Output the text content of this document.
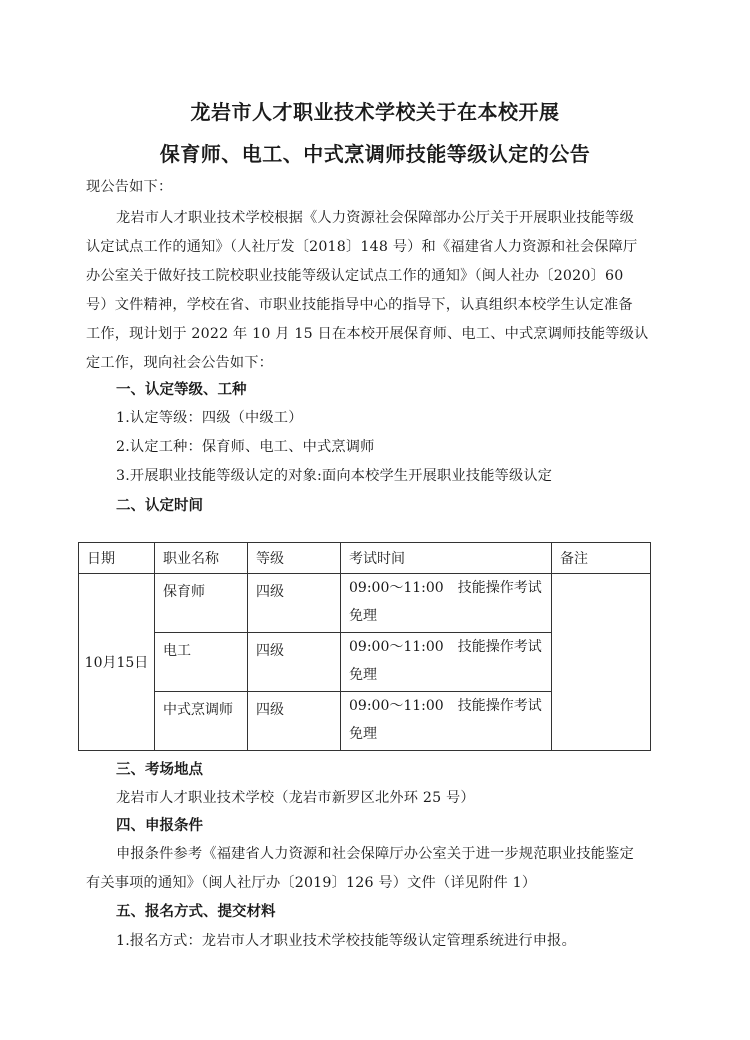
龙岩市人才职业技术学校关于在本校开展
保育师、电工、中式烹调师技能等级认定的公告
现公告如下：
龙岩市人才职业技术学校根据《人力资源社会保障部办公厅关于开展职业技能等级
认定试点工作的通知》（人社厅发〔2018〕148 号）和《福建省人力资源和社会保障厅
办公室关于做好技工院校职业技能等级认定试点工作的通知》（闽人社办〔2020〕60
号）文件精神，学校在省、市职业技能指导中心的指导下，认真组织本校学生认定准备
工作，现计划于 2022 年 10 月 15 日在本校开展保育师、电工、中式烹调师技能等级认
定工作，现向社会公告如下：
一、认定等级、工种
1.认定等级：四级（中级工）
2.认定工种：保育师、电工、中式烹调师
3.开展职业技能等级认定的对象:面向本校学生开展职业技能等级认定
二、认定时间
日期	职业名称	等级	考试时间	备注
10月15日	保育师	四级	09:00～11:00　技能操作考试
免理	

	电工	四级	09:00～11:00　技能操作考试
免理	

	中式烹调师	四级	09:00～11:00　技能操作考试
免理	
三、考场地点
龙岩市人才职业技术学校（龙岩市新罗区北外环 25 号）
四、申报条件
申报条件参考《福建省人力资源和社会保障厅办公室关于进一步规范职业技能鉴定
有关事项的通知》（闽人社厅办〔2019〕126 号）文件（详见附件 1）
五、报名方式、提交材料
1.报名方式：龙岩市人才职业技术学校技能等级认定管理系统进行申报。
